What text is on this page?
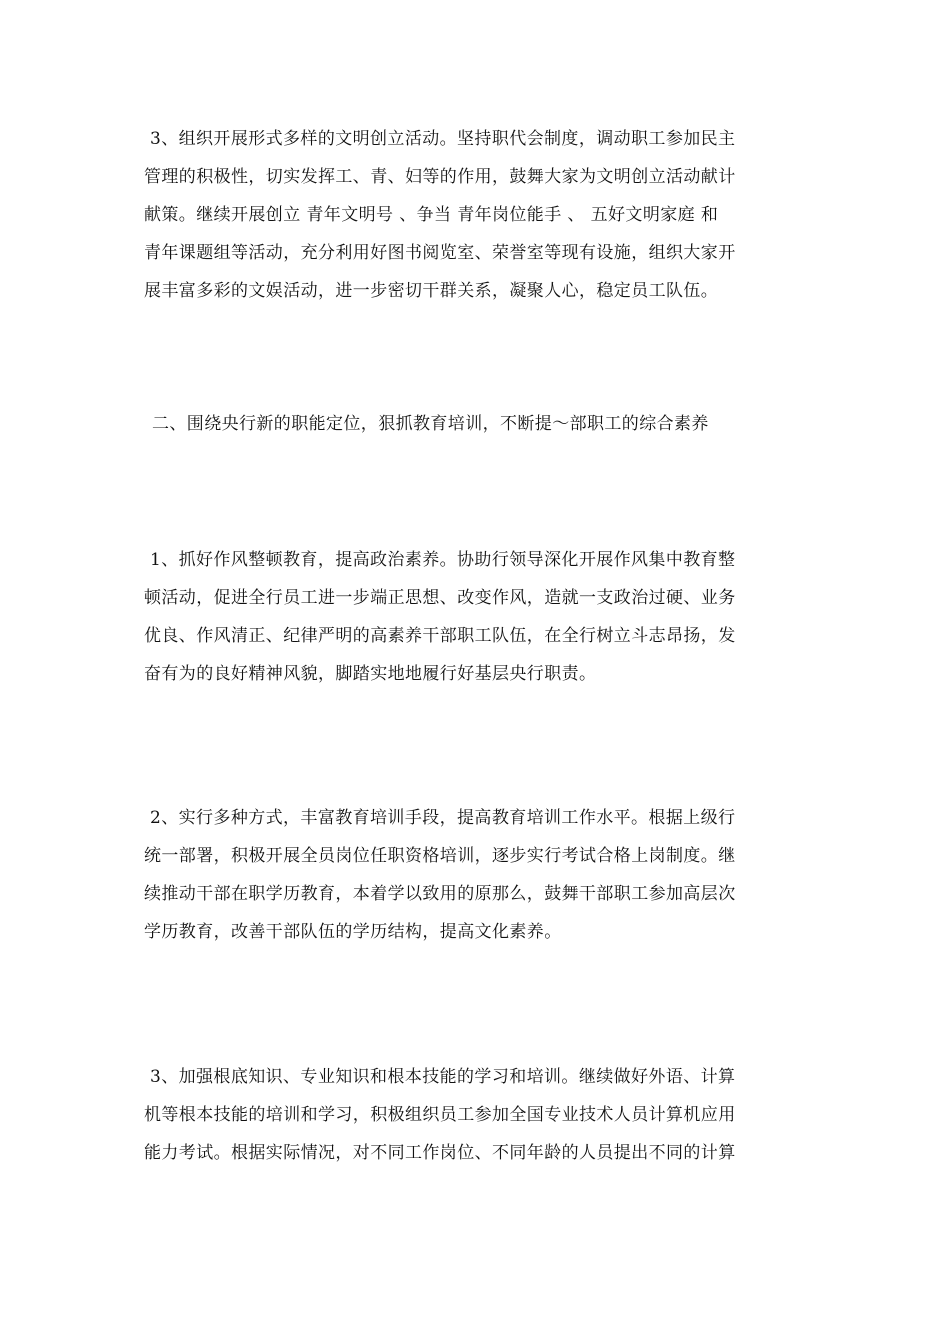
3、组织开展形式多样的文明创立活动。坚持职代会制度，调动职工参加民主
管理的积极性，切实发挥工、青、妇等的作用，鼓舞大家为文明创立活动献计
献策。继续开展创立 青年文明号 、争当 青年岗位能手 、 五好文明家庭 和
青年课题组等活动，充分利用好图书阅览室、荣誉室等现有设施，组织大家开
展丰富多彩的文娱活动，进一步密切干群关系，凝聚人心，稳定员工队伍。

二、围绕央行新的职能定位，狠抓教育培训，不断提～部职工的综合素养

1、抓好作风整顿教育，提高政治素养。协助行领导深化开展作风集中教育整
顿活动，促进全行员工进一步端正思想、改变作风，造就一支政治过硬、业务
优良、作风清正、纪律严明的高素养干部职工队伍，在全行树立斗志昂扬，发
奋有为的良好精神风貌，脚踏实地地履行好基层央行职责。
2、实行多种方式，丰富教育培训手段，提高教育培训工作水平。根据上级行
统一部署，积极开展全员岗位任职资格培训，逐步实行考试合格上岗制度。继
续推动干部在职学历教育，本着学以致用的原那么，鼓舞干部职工参加高层次
学历教育，改善干部队伍的学历结构，提高文化素养。
3、加强根底知识、专业知识和根本技能的学习和培训。继续做好外语、计算
机等根本技能的培训和学习，积极组织员工参加全国专业技术人员计算机应用
能力考试。根据实际情况，对不同工作岗位、不同年龄的人员提出不同的计算
